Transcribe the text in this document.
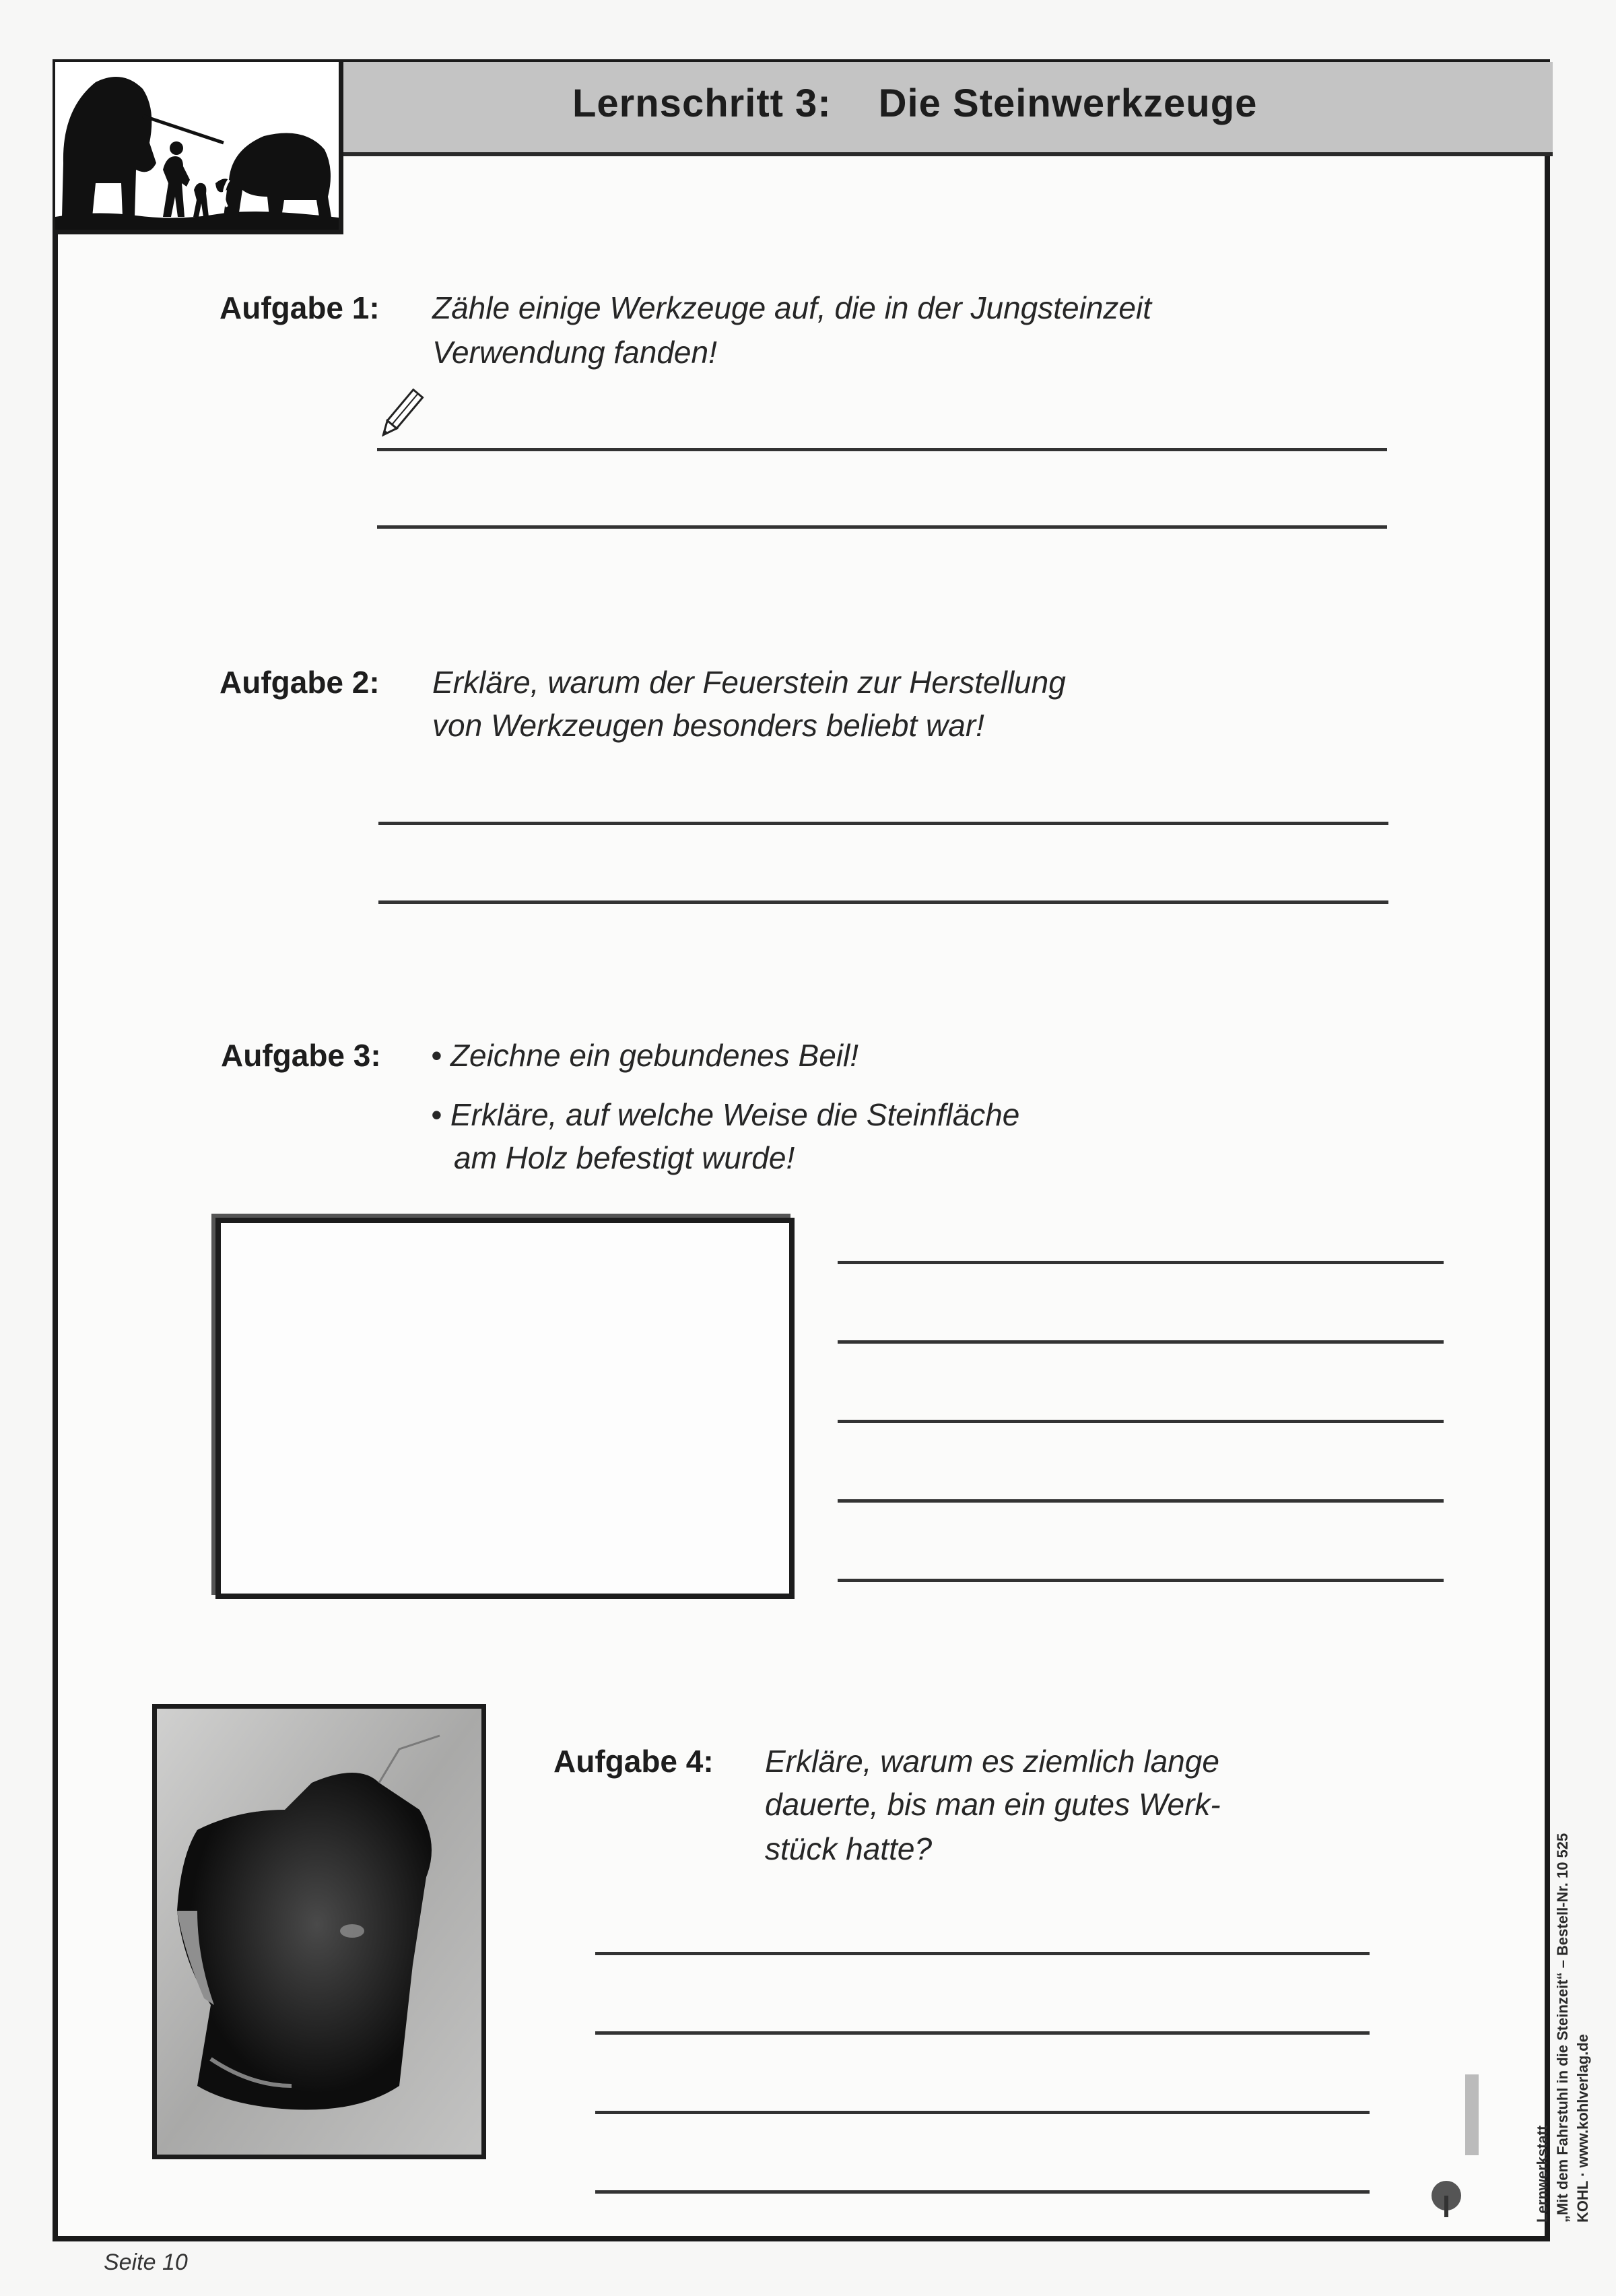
Lernschritt 3: Die Steinwerkzeuge
Aufgabe 1: Zähle einige Werkzeuge auf, die in der Jungsteinzeit
Verwendung fanden!
Aufgabe 2: Erkläre, warum der Feuerstein zur Herstellung
von Werkzeugen besonders beliebt war!
Aufgabe 3: • Zeichne ein gebundenes Beil!
• Erkläre, auf welche Weise die Steinfläche
am Holz befestigt wurde!
Aufgabe 4: Erkläre, warum es ziemlich lange
dauerte, bis man ein gutes Werk-
stück hatte?
Lernwerkstatt „Mit dem Fahrstuhl in die Steinzeit“ – Bestell-Nr. 10 525 KOHL · www.kohlverlag.de
Seite 10
